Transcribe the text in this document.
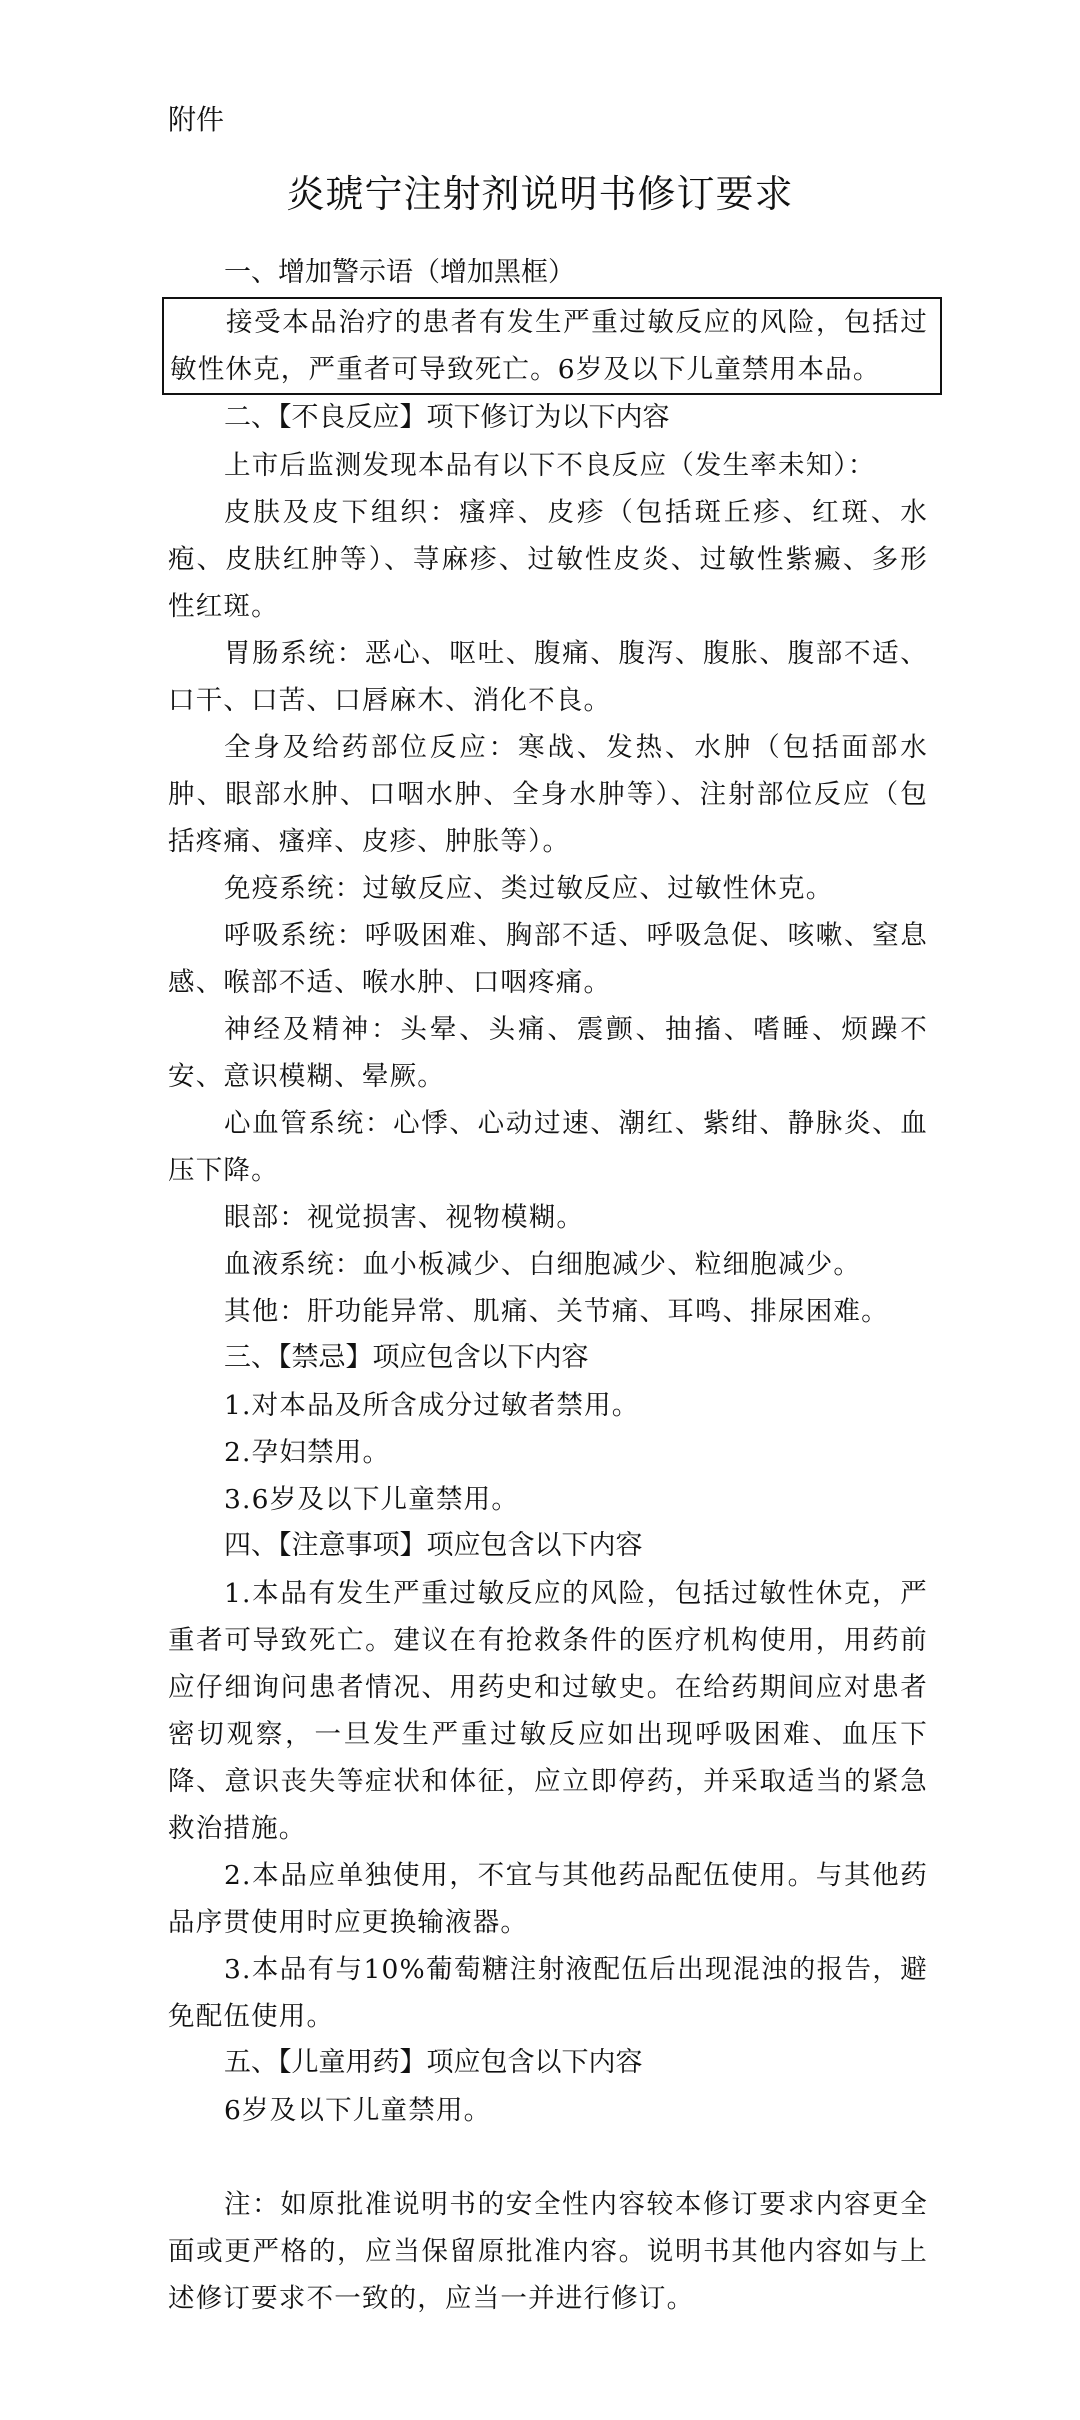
附件
炎琥宁注射剂说明书修订要求
一、增加警示语（增加黑框）
接受本品治疗的患者有发生严重过敏反应的风险，包括过敏性休克，严重者可导致死亡。6岁及以下儿童禁用本品。
二、【不良反应】项下修订为以下内容
上市后监测发现本品有以下不良反应（发生率未知）：
皮肤及皮下组织：瘙痒、皮疹（包括斑丘疹、红斑、水疱、皮肤红肿等）、荨麻疹、过敏性皮炎、过敏性紫癜、多形性红斑。
胃肠系统：恶心、呕吐、腹痛、腹泻、腹胀、腹部不适、口干、口苦、口唇麻木、消化不良。
全身及给药部位反应：寒战、发热、水肿（包括面部水肿、眼部水肿、口咽水肿、全身水肿等）、注射部位反应（包括疼痛、瘙痒、皮疹、肿胀等）。
免疫系统：过敏反应、类过敏反应、过敏性休克。
呼吸系统：呼吸困难、胸部不适、呼吸急促、咳嗽、窒息感、喉部不适、喉水肿、口咽疼痛。
神经及精神：头晕、头痛、震颤、抽搐、嗜睡、烦躁不安、意识模糊、晕厥。
心血管系统：心悸、心动过速、潮红、紫绀、静脉炎、血压下降。
眼部：视觉损害、视物模糊。
血液系统：血小板减少、白细胞减少、粒细胞减少。
其他：肝功能异常、肌痛、关节痛、耳鸣、排尿困难。
三、【禁忌】项应包含以下内容
1.对本品及所含成分过敏者禁用。
2.孕妇禁用。
3.6岁及以下儿童禁用。
四、【注意事项】项应包含以下内容
1.本品有发生严重过敏反应的风险，包括过敏性休克，严重者可导致死亡。建议在有抢救条件的医疗机构使用，用药前应仔细询问患者情况、用药史和过敏史。在给药期间应对患者密切观察，一旦发生严重过敏反应如出现呼吸困难、血压下降、意识丧失等症状和体征，应立即停药，并采取适当的紧急救治措施。
2.本品应单独使用，不宜与其他药品配伍使用。与其他药品序贯使用时应更换输液器。
3.本品有与10%葡萄糖注射液配伍后出现混浊的报告，避免配伍使用。
五、【儿童用药】项应包含以下内容
6岁及以下儿童禁用。
注：如原批准说明书的安全性内容较本修订要求内容更全面或更严格的，应当保留原批准内容。说明书其他内容如与上述修订要求不一致的，应当一并进行修订。
